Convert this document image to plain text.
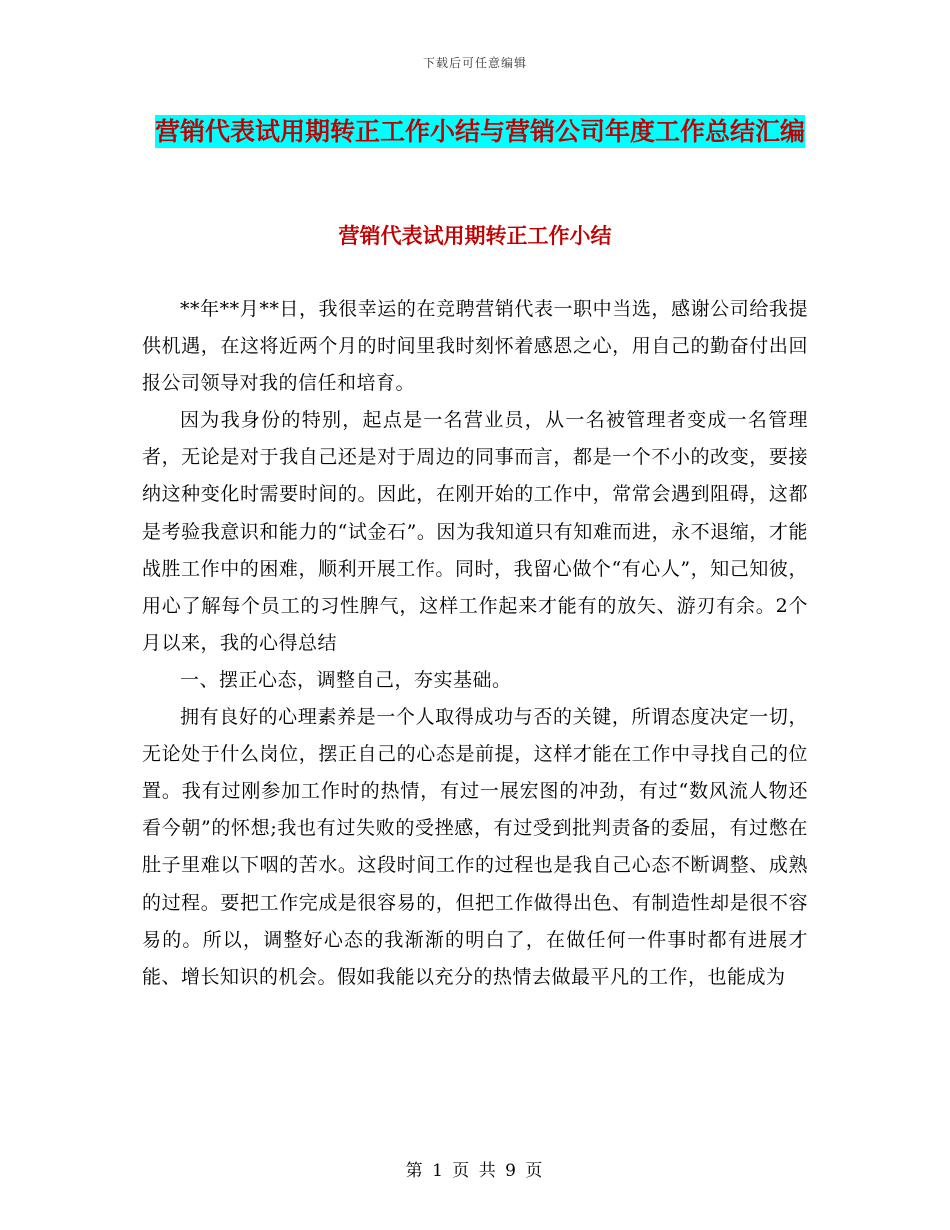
下载后可任意编辑
营销代表试用期转正工作小结与营销公司年度工作总结汇编
营销代表试用期转正工作小结

**年**月**日，我很幸运的在竞聘营销代表一职中当选，感谢公司给我提供机遇，在这将近两个月的时间里我时刻怀着感恩之心，用自己的勤奋付出回报公司领导对我的信任和培育。

因为我身份的特别，起点是一名营业员，从一名被管理者变成一名管理者，无论是对于我自己还是对于周边的同事而言，都是一个不小的改变，要接纳这种变化时需要时间的。因此，在刚开始的工作中，常常会遇到阻碍，这都是考验我意识和能力的“试金石”。因为我知道只有知难而进，永不退缩，才能战胜工作中的困难，顺利开展工作。同时，我留心做个“有心人”，知己知彼，用心了解每个员工的习性脾气，这样工作起来才能有的放矢、游刃有余。2个月以来，我的心得总结

一、摆正心态，调整自己，夯实基础。

拥有良好的心理素养是一个人取得成功与否的关键，所谓态度决定一切，无论处于什么岗位，摆正自己的心态是前提，这样才能在工作中寻找自己的位置。我有过刚参加工作时的热情，有过一展宏图的冲劲，有过“数风流人物还看今朝”的怀想;我也有过失败的受挫感，有过受到批判责备的委屈，有过憋在肚子里难以下咽的苦水。这段时间工作的过程也是我自己心态不断调整、成熟的过程。要把工作完成是很容易的，但把工作做得出色、有制造性却是很不容易的。所以，调整好心态的我渐渐的明白了，在做任何一件事时都有进展才能、增长知识的机会。假如我能以充分的热情去做最平凡的工作，也能成为

第 1 页 共 9 页
